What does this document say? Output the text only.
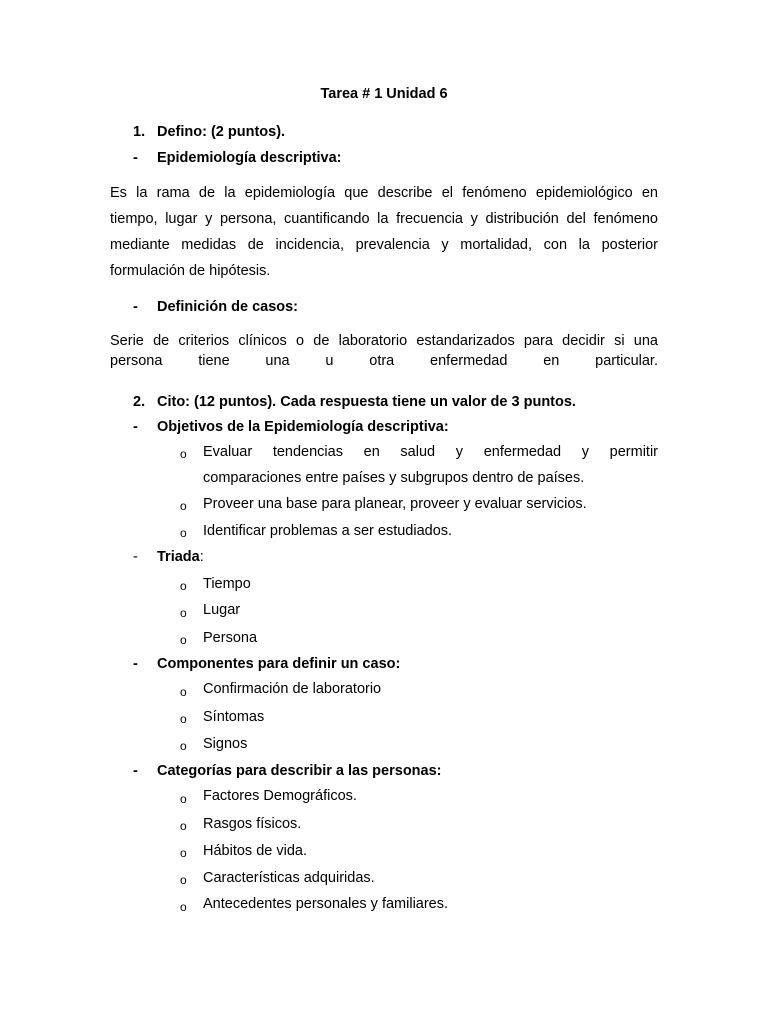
Tarea # 1 Unidad 6
1. Defino: (2 puntos).
- Epidemiología descriptiva:
Es la rama de la epidemiología que describe el fenómeno epidemiológico en
tiempo, lugar y persona, cuantificando la frecuencia y distribución del fenómeno
mediante medidas de incidencia, prevalencia y mortalidad, con la posterior
formulación de hipótesis.
- Definición de casos:
Serie de criterios clínicos o de laboratorio estandarizados para decidir si una
persona tiene una u otra enfermedad en particular.
2. Cito: (12 puntos). Cada respuesta tiene un valor de 3 puntos.
- Objetivos de la Epidemiología descriptiva:
o Evaluar tendencias en salud y enfermedad y permitir
comparaciones entre países y subgrupos dentro de países.
o Proveer una base para planear, proveer y evaluar servicios.
o Identificar problemas a ser estudiados.
- Triada:
o Tiempo
o Lugar
o Persona
- Componentes para definir un caso:
o Confirmación de laboratorio
o Síntomas
o Signos
- Categorías para describir a las personas:
o Factores Demográficos.
o Rasgos físicos.
o Hábitos de vida.
o Características adquiridas.
o Antecedentes personales y familiares.
